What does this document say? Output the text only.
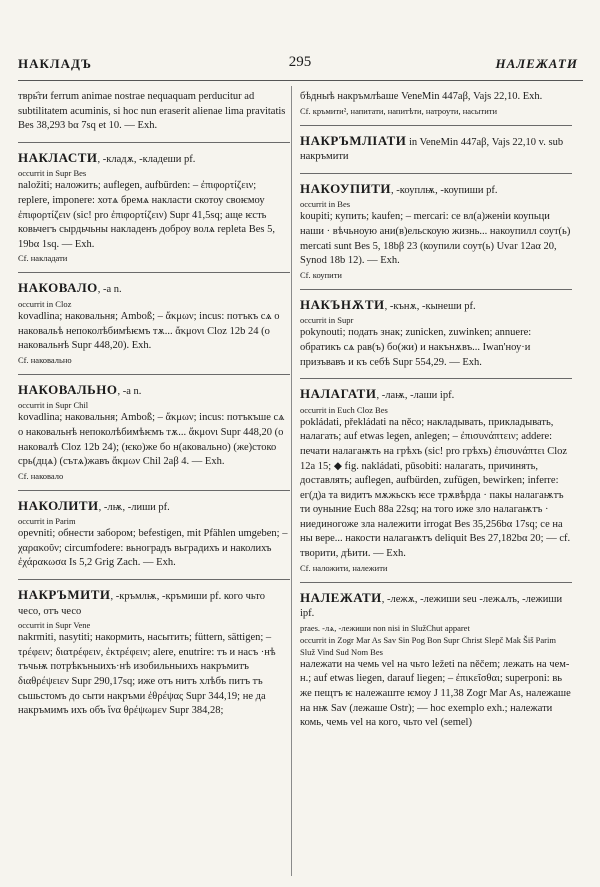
НАКЛАДЪ	295	НАЛЕЖАТИ

тврь҄ти ferrum animae nostrae nequaquam perducitur ad subtilitatem acuminis, si hoc nun eraserit alienae lima pravitatis Bes 38,293 bα 7sq et 10. — Exh.

НАКЛАСТИ, -кладѫ, -кладеши pf.

occurrit in Supr Bes

naložiti; наложить; auflegen, aufbürden: – ἐπιφορτίζειν; replere, imponere: хотѧ бремѧ накласти скотоу своѥмоу ἐπιφορτίζειν (sic! pro ἐπιφορτίζειν) Supr 41,5sq; аще ѥсть ковьчегъ сырдьчьны накладенъ доброу волѧ repleta Bes 5, 19bα 1sq. — Exh.

Cf. накладати

НАКОВАЛО, -а n.

occurrit in Cloz

kovadlina; наковальня; Amboß; – ἄκμων; incus: потъкъ сѧ о наковальѣ непоколѣбимѣѥмъ тѫ... ἄκμονι Cloz 12b 24 (о наковальнѣ Supr 448,20). Exh.

Cf. наковально

НАКОВАЛЬНО, -а n.

occurrit in Supr Chil

kovadlina; наковальня; Amboß; – ἄκμων; incus: потъкъше сѧ о наковальнѣ непоколѣбимѣѥмъ тѫ... ἄκμονι Supr 448,20 (о наковалѣ Cloz 12b 24); (ѥко)же бо н(аковально) (же)стоко срь(дцѧ) (сътѧ)жавъ ἄκμων Chil 2aβ 4. — Exh.

Cf. наковало

НАКОЛИТИ, -лѭ, -лиши pf.

occurrit in Parim

opevniti; обнести забором; befestigen, mit Pfählen umgeben; – χαρακοῦν; circumfodere: вьноградъ вьградихъ и наколихъ ἐχάρακωσα Is 5,2 Grig Zach. — Exh.

НАКРЪМИТИ, -кръмлѭ, -кръмиши pf. кого чьто чесо, отъ чесо

occurrit in Supr Vene

nakrmiti, nasytiti; накормить, насытить; füttern, sättigen; – τρέφειν; διατρέφειν, ἐκτρέφειν; alere, enutrire: тъ и насъ ·нѣ тъчьѭ потрѣкъныихъ·нѣ изобильныихъ накръмитъ διαθρέψειεν Supr 290,17sq; иже отъ нитъ хлѣбъ питъ тъ сьшьстомъ до сыти накръми ἐθρέψας Supr 344,19; не да накръмимъ ихъ объ ἵνα θρέψωμεν Supr 384,28;

бѣдныѣ накръмлѣаше VeneMin 447aβ, Vajs 22,10. Exh.

Cf. кръмити², напитати, напитѣти, натроути, насытити

НАКРЪМЛІАТИ in VeneMin 447aβ, Vajs 22,10 v. sub накръмити

НАКОУПИТИ, -коуплѭ, -коупиши pf.

occurrit in Bes

koupiti; купить; kaufen; – mercari: се вл(а)женіи коупьци наши · вѣчьноую ани(в)ельскоую жизнь... накоупилл соут(ь) mercati sunt Bes 5, 18bβ 23 (коупили соут(ь) Uvar 12aα 20, Synod 18b 12). — Exh.

Cf. коупити

НАКЪНѪТИ, -кънѫ, -кынеши pf.

occurrit in Supr

pokynouti; подать знак; zunicken, zuwinken; annuere: обратикъ сѧ рав(ъ) бо(жи) и накънѫвъ... Iwan'ноу·и призъвавъ и къ себѣ Supr 554,29. — Exh.

НАЛАГАТИ, -лаѭ, -лаши ipf.

occurrit in Euch Cloz Bes

pokládati, překládati na něco; накладывать, прикладывать, налагать; auf etwas legen, anlegen; – ἐπισυνάπτειν; addere: печати налагаѭть на грѣхъ (sic! pro грѣхъ) ἐπισυνάπτει Cloz 12a 15; ◆ fig. nakládati, pūsobiti: налагать, причинять, доставлять; auflegen, aufbürden, zufügen, bewirken; inferre: ег(д)а та видитъ мѫжьскъ ѥсе трѫвѣрда · пакы налагаѭтъ ти оуныние Euch 88a 22sq; на того иже зло налагаѭтъ · ниединогоже зла належити irrogat Bes 35,256bα 17sq; се на ны вере... накости налагаѭтъ deliquit Bes 27,182bα 20; — cf. творити, дѣити. — Exh.

Cf. наложити, належити

НАЛЕЖАТИ, -лежѫ, -лежиши seu -лежѧлъ, -лежиши ipf.

praes. -лѧ, -лежиши non nisi in SlužChut apparet

occurrit in Zogr Mar As Sav Sin Pog Bon Supr Christ Slepč Mak Šiš Parim Služ Vind Sud Nom Bes

належати на чемь vel на чьто ležeti na něčem; лежать на чем-н.; auf etwas liegen, darauf liegen; – ἐπικεῖσθαι; superponi: вь же пещтъ ѥ належаште ѥмоу J 11,38 Zogr Mar As, належаше на нѭ Sav (лежаше Ostr); — hoc exemplo exh.; належати комь, чемь vel на кого, чьто vel (semel)
